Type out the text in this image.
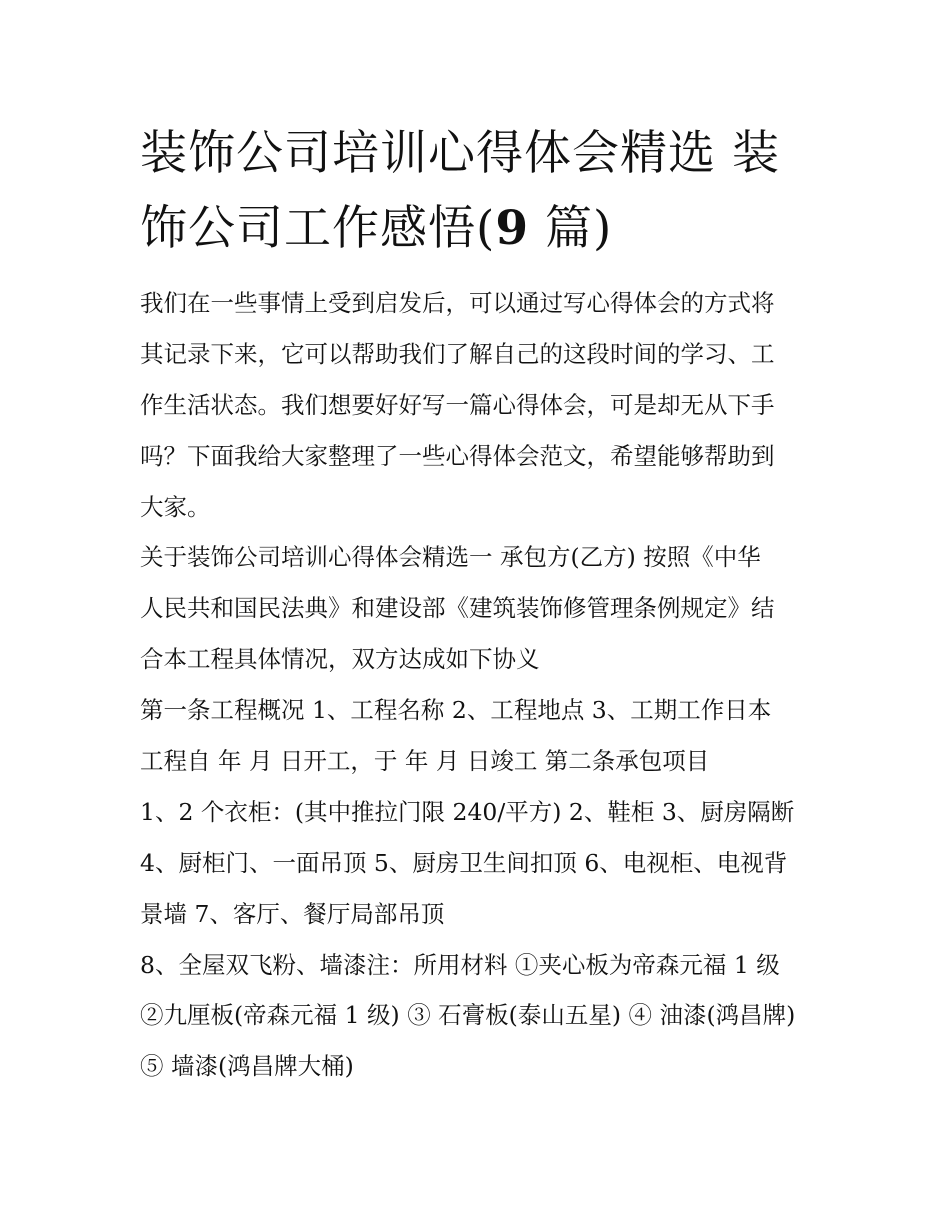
装饰公司培训心得体会精选 装
饰公司工作感悟(9 篇)
我们在一些事情上受到启发后，可以通过写心得体会的方式将
其记录下来，它可以帮助我们了解自己的这段时间的学习、工
作生活状态。我们想要好好写一篇心得体会，可是却无从下手
吗？下面我给大家整理了一些心得体会范文，希望能够帮助到
大家。
关于装饰公司培训心得体会精选一 承包方(乙方) 按照《中华
人民共和国民法典》和建设部《建筑装饰修管理条例规定》结
合本工程具体情况，双方达成如下协义
第一条工程概况 1、工程名称 2、工程地点 3、工期工作日本
工程自 年 月 日开工，于 年 月 日竣工 第二条承包项目
1、2 个衣柜：(其中推拉门限 240/平方) 2、鞋柜 3、厨房隔断
4、厨柜门、一面吊顶 5、厨房卫生间扣顶 6、电视柜、电视背
景墙 7、客厅、餐厅局部吊顶
8、全屋双飞粉、墙漆注：所用材料 ①夹心板为帝森元福 1 级
②九厘板(帝森元福 1 级) ③ 石膏板(泰山五星) ④ 油漆(鸿昌牌)
⑤ 墙漆(鸿昌牌大桶)
